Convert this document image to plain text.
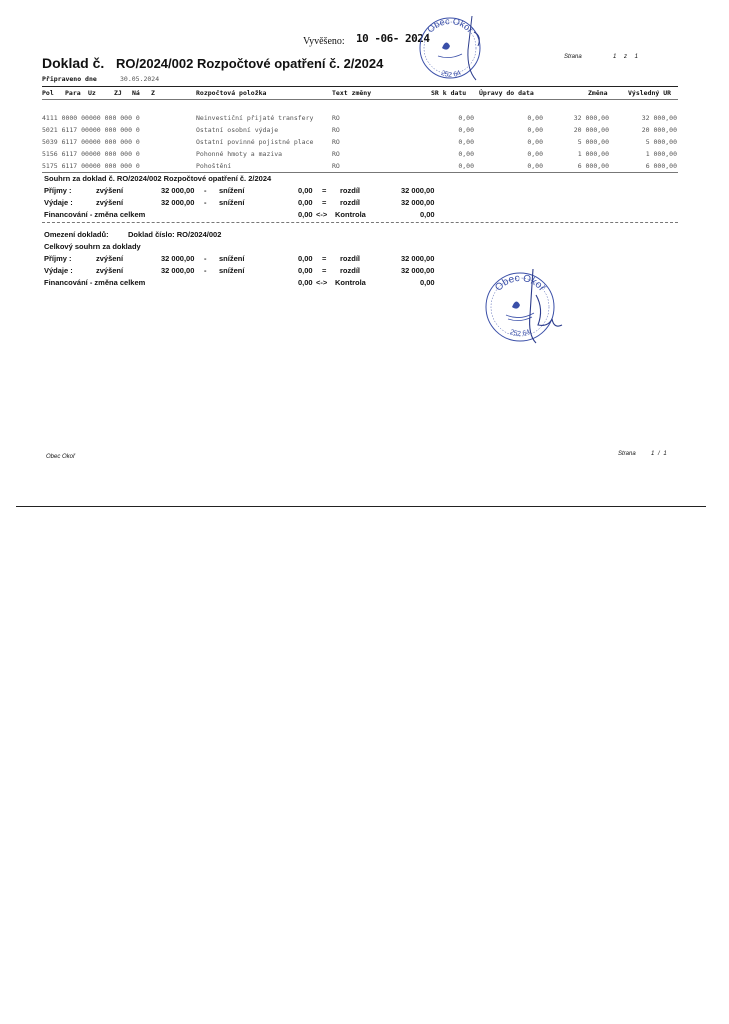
Vyvěšeno: 10 -06- 2024
Doklad č. RO/2024/002 Rozpočtové opatření č. 2/2024	Strana	1 z 1
Připraveno dne	30.05.2024
Pol Para Uz	ZJ Ná Z	Rozpočtová položka	Text změny	SR k datu Úpravy do data	Změna	Výsledný UR
4111 0000 00000 000 000 0	Neinvestiční přijaté transfery	RO	0,00	0,00	32 000,00	32 000,00
5021 6117 00000 000 000 0	Ostatní osobní výdaje	RO	0,00	0,00	20 000,00	20 000,00
5039 6117 00000 000 000 0	Ostatní povinné pojistné place	RO	0,00	0,00	5 000,00	5 000,00
5156 6117 00000 000 000 0	Pohonné hmoty a maziva	RO	0,00	0,00	1 000,00	1 000,00
5175 6117 00000 000 000 0	Pohoštění	RO	0,00	0,00	6 000,00	6 000,00
Souhrn za doklad č. RO/2024/002 Rozpočtové opatření č. 2/2024
Příjmy :	zvýšení	32 000,00 - snížení	0,00 = rozdíl	32 000,00
Výdaje :	zvýšení	32 000,00 - snížení	0,00 = rozdíl	32 000,00
Financování - změna celkem	0,00 <-> Kontrola	0,00
Omezení dokladů:	Doklad číslo: RO/2024/002
Celkový souhrn za doklady
Příjmy :	zvýšení	32 000,00 - snížení	0,00 = rozdíl	32 000,00
Výdaje :	zvýšení	32 000,00 - snížení	0,00 = rozdíl	32 000,00
Financování - změna celkem	0,00 <-> Kontrola	0,00
Obec Okoř
252 64
Obec Okoř
252 64
Obec Okoř	Strana	1 / 1
